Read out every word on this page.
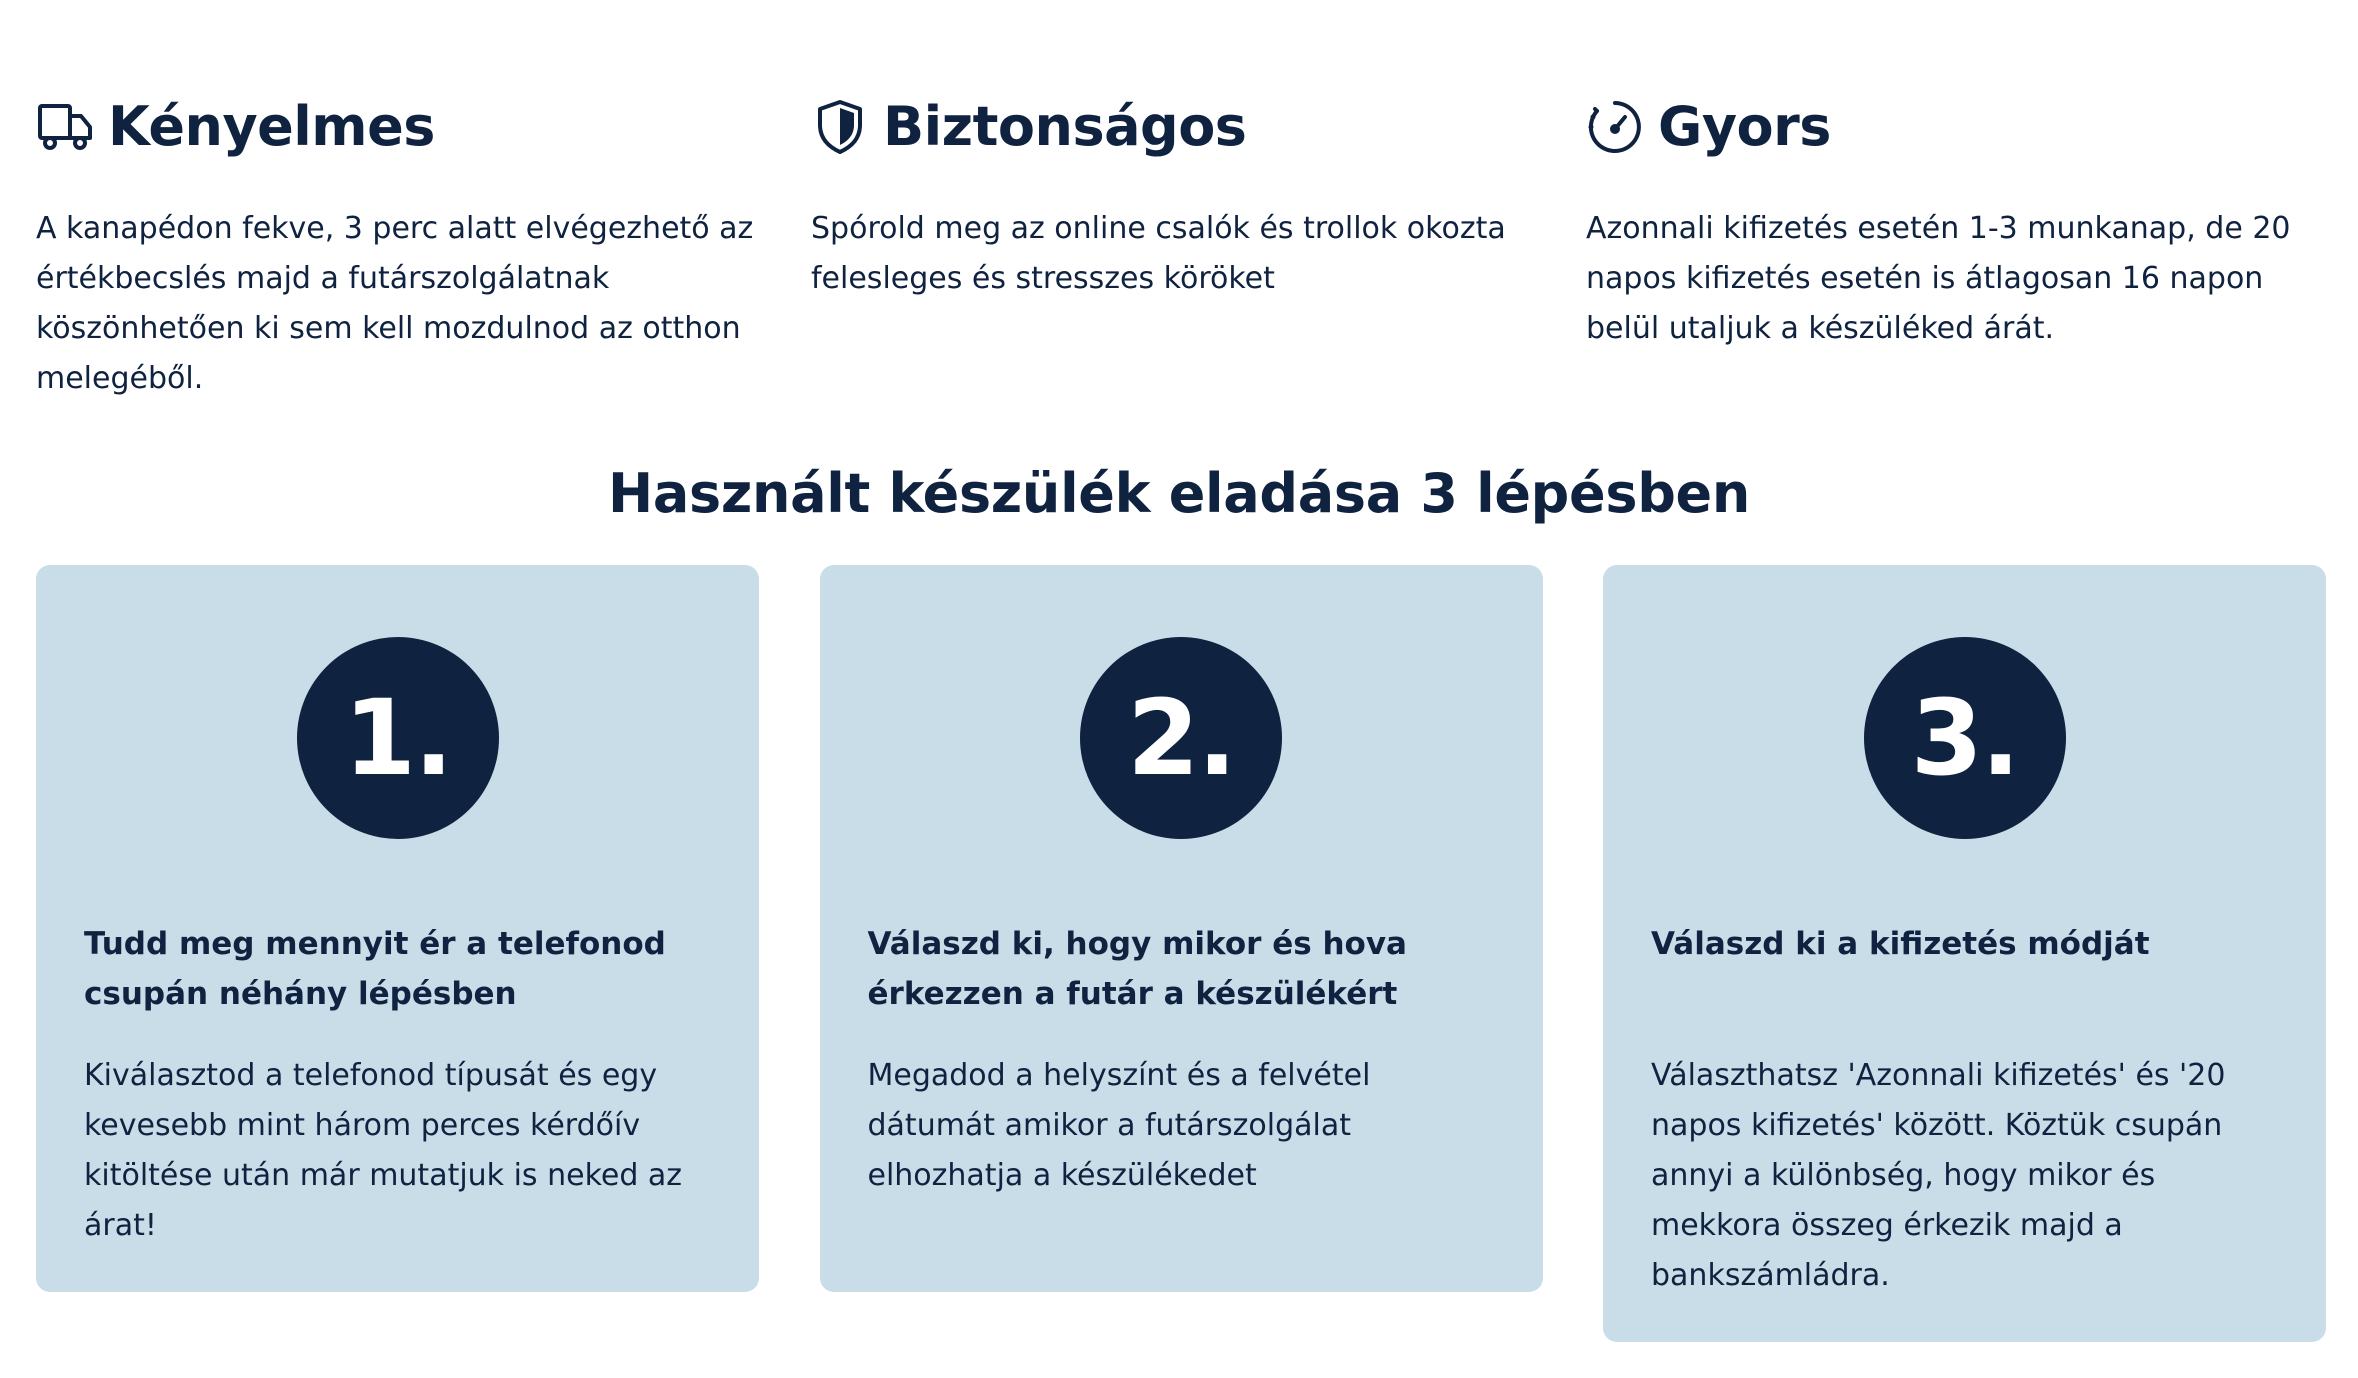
Kényelmes

A kanapédon fekve, 3 perc alatt elvégezhető az értékbecslés majd a futárszolgálatnak köszönhetően ki sem kell mozdulnod az otthon melegéből.

Biztonságos

Spórold meg az online csalók és trollok okozta felesleges és stresszes köröket

Gyors

Azonnali kifizetés esetén 1-3 munkanap, de 20 napos kifizetés esetén is átlagosan 16 napon belül utaljuk a készüléked árát.

Használt készülék eladása 3 lépésben
1.
Tudd meg mennyit ér a telefonod csupán néhány lépésben

Kiválasztod a telefonod típusát és egy kevesebb mint három perces kérdőív kitöltése után már mutatjuk is neked az árat!

2.
Válaszd ki, hogy mikor és hova érkezzen a futár a készülékért

Megadod a helyszínt és a felvétel dátumát amikor a futárszolgálat elhozhatja a készülékedet

3.
Válaszd ki a kifizetés módját

Választhatsz 'Azonnali kifizetés' és '20 napos kifizetés' között. Köztük csupán annyi a különbség, hogy mikor és mekkora összeg érkezik majd a bankszámládra.
